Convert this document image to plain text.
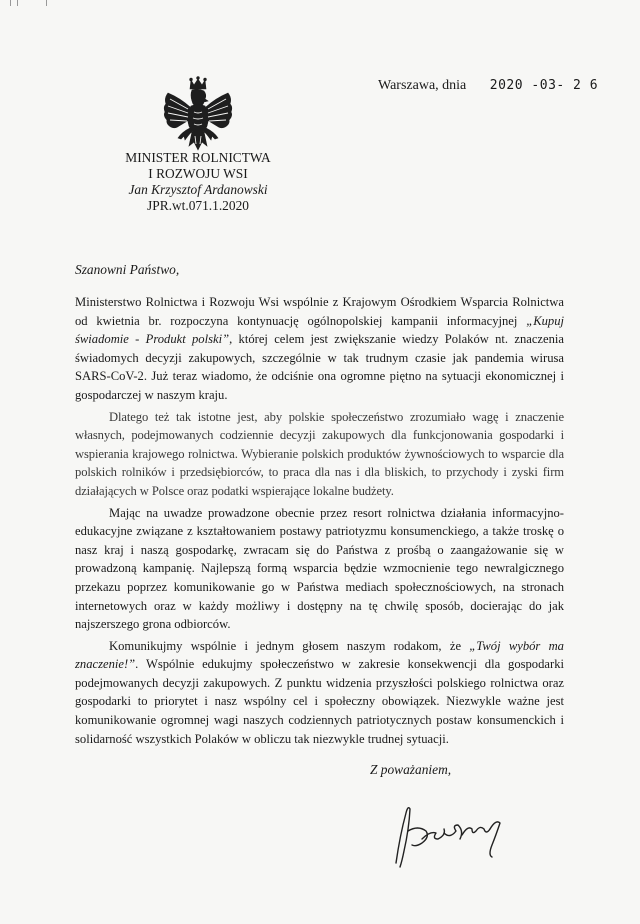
Warszawa, dnia 2020 -03- 2 6
MINISTER ROLNICTWA
I ROZWOJU WSI
Jan Krzysztof Ardanowski
JPR.wt.071.1.2020
Szanowni Państwo,

Ministerstwo Rolnictwa i Rozwoju Wsi wspólnie z Krajowym Ośrodkiem Wsparcia Rolnictwa od kwietnia br. rozpoczyna kontynuację ogólnopolskiej kampanii informacyjnej „Kupuj świadomie - Produkt polski”, której celem jest zwiększanie wiedzy Polaków nt. znaczenia świadomych decyzji zakupowych, szczególnie w tak trudnym czasie jak pandemia wirusa SARS-CoV-2. Już teraz wiadomo, że odciśnie ona ogromne piętno na sytuacji ekonomicznej i gospodarczej w naszym kraju.

Dlatego też tak istotne jest, aby polskie społeczeństwo zrozumiało wagę i znaczenie własnych, podejmowanych codziennie decyzji zakupowych dla funkcjonowania gospodarki i wspierania krajowego rolnictwa. Wybieranie polskich produktów żywnościowych to wsparcie dla polskich rolników i przedsiębiorców, to praca dla nas i dla bliskich, to przychody i zyski firm działających w Polsce oraz podatki wspierające lokalne budżety.

Mając na uwadze prowadzone obecnie przez resort rolnictwa działania informacyjno-edukacyjne związane z kształtowaniem postawy patriotyzmu konsumenckiego, a także troskę o nasz kraj i naszą gospodarkę, zwracam się do Państwa z prośbą o zaangażowanie się w prowadzoną kampanię. Najlepszą formą wsparcia będzie wzmocnienie tego newralgicznego przekazu poprzez komunikowanie go w Państwa mediach społecznościowych, na stronach internetowych oraz w każdy możliwy i dostępny na tę chwilę sposób, docierając do jak najszerszego grona odbiorców.

Komunikujmy wspólnie i jednym głosem naszym rodakom, że „Twój wybór ma znaczenie!”. Wspólnie edukujmy społeczeństwo w zakresie konsekwencji dla gospodarki podejmowanych decyzji zakupowych. Z punktu widzenia przyszłości polskiego rolnictwa oraz gospodarki to priorytet i nasz wspólny cel i społeczny obowiązek. Niezwykle ważne jest komunikowanie ogromnej wagi naszych codziennych patriotycznych postaw konsumenckich i solidarność wszystkich Polaków w obliczu tak niezwykle trudnej sytuacji.

Z poważaniem,
